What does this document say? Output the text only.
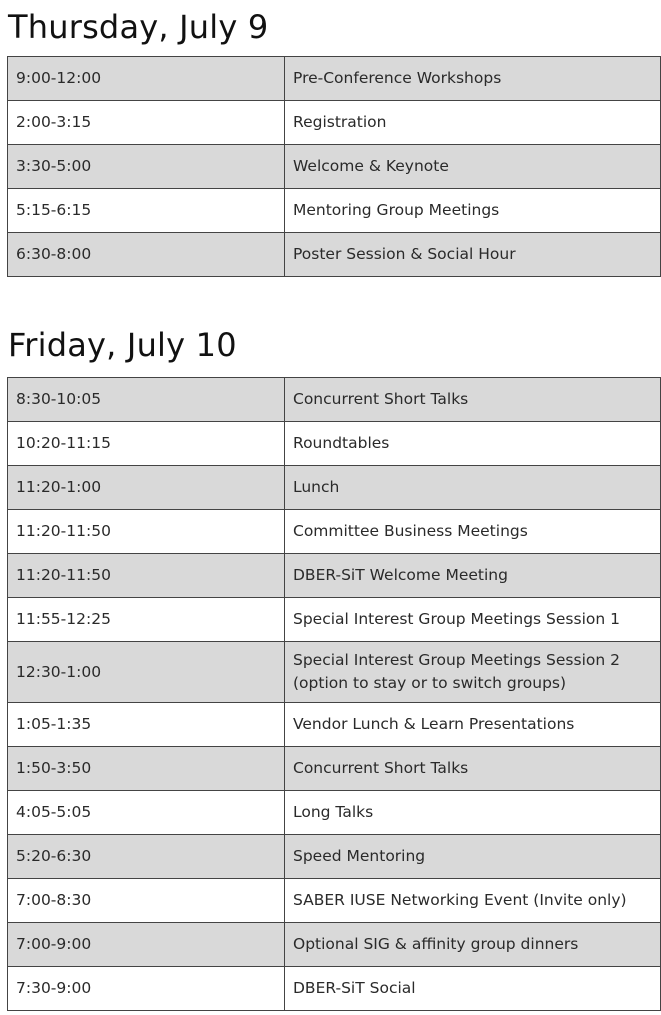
Thursday, July 9
9:00-12:00	Pre-Conference Workshops
2:00-3:15	Registration
3:30-5:00	Welcome & Keynote
5:15-6:15	Mentoring Group Meetings
6:30-8:00	Poster Session & Social Hour
Friday, July 10
8:30-10:05	Concurrent Short Talks
10:20-11:15	Roundtables
11:20-1:00	Lunch
11:20-11:50	Committee Business Meetings
11:20-11:50	DBER-SiT Welcome Meeting
11:55-12:25	Special Interest Group Meetings Session 1
12:30-1:00	Special Interest Group Meetings Session 2
(option to stay or to switch groups)

1:05-1:35	Vendor Lunch & Learn Presentations
1:50-3:50	Concurrent Short Talks
4:05-5:05	Long Talks
5:20-6:30	Speed Mentoring
7:00-8:30	SABER IUSE Networking Event (Invite only)
7:00-9:00	Optional SIG & affinity group dinners
7:30-9:00	DBER-SiT Social
